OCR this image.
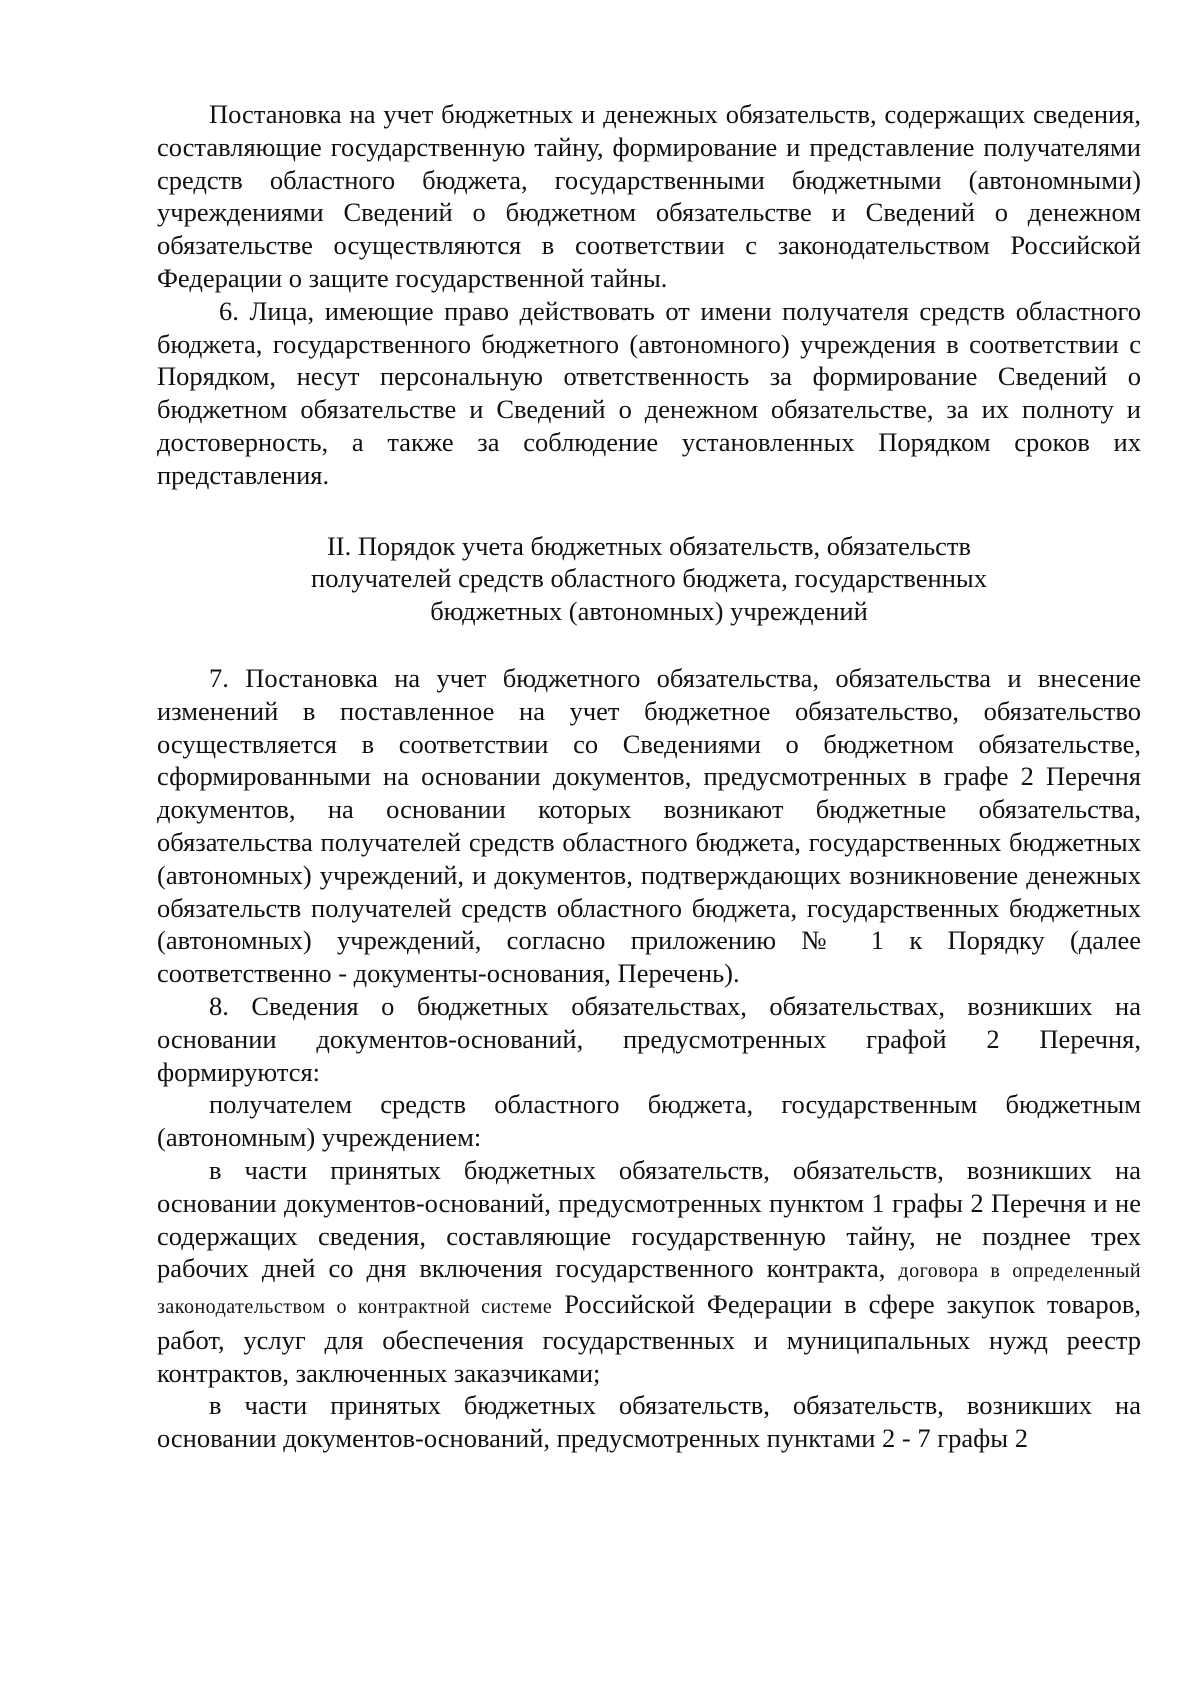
Постановка на учет бюджетных и денежных обязательств, содержащих сведения, составляющие государственную тайну, формирование и представление получателями средств областного бюджета, государственными бюджетными (автономными) учреждениями Сведений о бюджетном обязательстве и Сведений о денежном обязательстве осуществляются в соответствии с законодательством Российской Федерации о защите государственной тайны.

6. Лица, имеющие право действовать от имени получателя средств областного бюджета, государственного бюджетного (автономного) учреждения в соответствии с Порядком, несут персональную ответственность за формирование Сведений о бюджетном обязательстве и Сведений о денежном обязательстве, за их полноту и достоверность, а также за соблюдение установленных Порядком сроков их представления.

II. Порядок учета бюджетных обязательств, обязательств
получателей средств областного бюджета, государственных
бюджетных (автономных) учреждений

7. Постановка на учет бюджетного обязательства, обязательства и внесение изменений в поставленное на учет бюджетное обязательство, обязательство осуществляется в соответствии со Сведениями о бюджетном обязательстве, сформированными на основании документов, предусмотренных в графе 2 Перечня документов, на основании которых возникают бюджетные обязательства, обязательства получателей средств областного бюджета, государственных бюджетных (автономных) учреждений, и документов, подтверждающих возникновение денежных обязательств получателей средств областного бюджета, государственных бюджетных (автономных) учреждений, согласно приложению № 1 к Порядку (далее соответственно - документы-основания, Перечень).

8. Сведения о бюджетных обязательствах, обязательствах, возникших на основании документов-оснований, предусмотренных графой 2 Перечня, формируются:

получателем средств областного бюджета, государственным бюджетным (автономным) учреждением:

в части принятых бюджетных обязательств, обязательств, возникших на основании документов-оснований, предусмотренных пунктом 1 графы 2 Перечня и не содержащих сведения, составляющие государственную тайну, не позднее трех рабочих дней со дня включения государственного контракта, договора в определенный законодательством о контрактной системе Российской Федерации в сфере закупок товаров, работ, услуг для обеспечения государственных и муниципальных нужд реестр контрактов, заключенных заказчиками;

в части принятых бюджетных обязательств, обязательств, возникших на основании документов-оснований, предусмотренных пунктами 2 - 7 графы 2
